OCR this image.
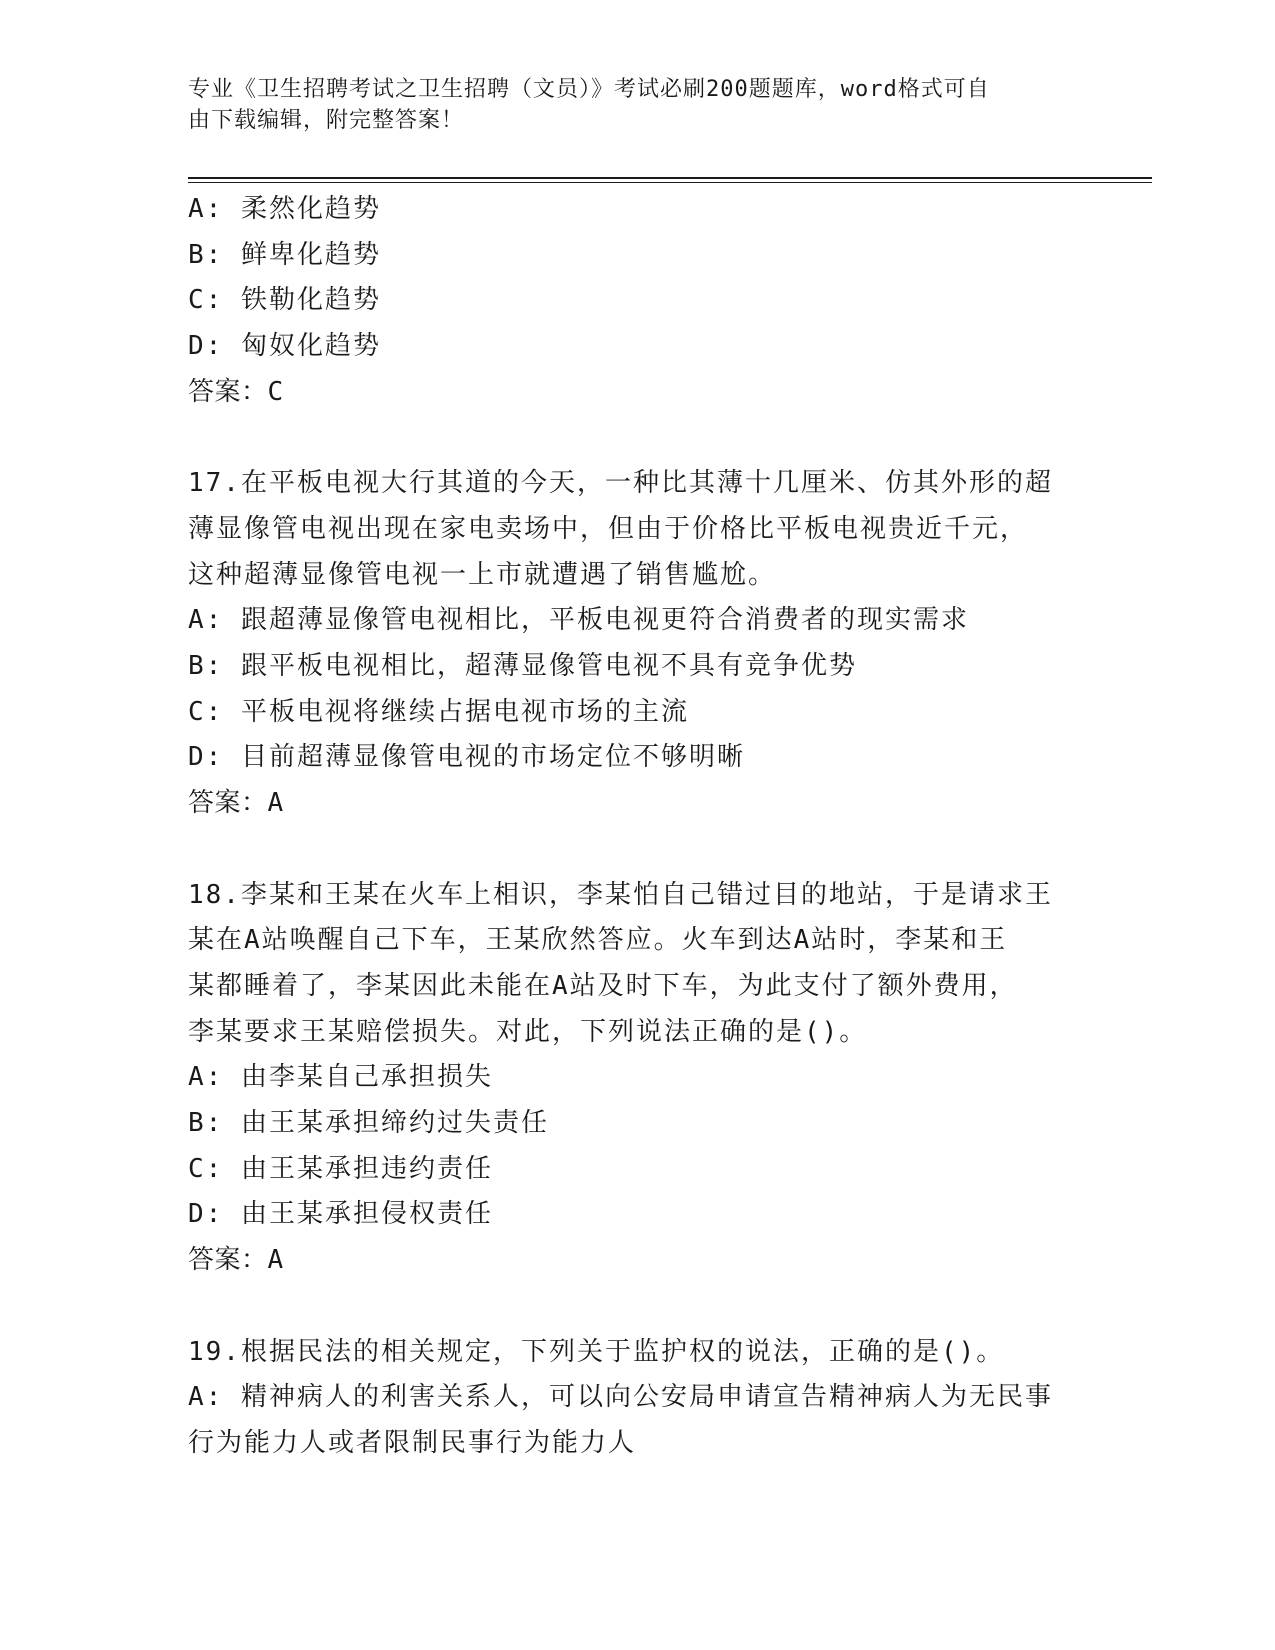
专业《卫生招聘考试之卫生招聘（文员）》考试必刷200题题库，word格式可自
由下载编辑，附完整答案！
A: 柔然化趋势
B: 鲜卑化趋势
C: 铁勒化趋势
D: 匈奴化趋势
答案：C
17.在平板电视大行其道的今天，一种比其薄十几厘米、仿其外形的超
薄显像管电视出现在家电卖场中，但由于价格比平板电视贵近千元，
这种超薄显像管电视一上市就遭遇了销售尴尬。
A: 跟超薄显像管电视相比，平板电视更符合消费者的现实需求
B: 跟平板电视相比，超薄显像管电视不具有竞争优势
C: 平板电视将继续占据电视市场的主流
D: 目前超薄显像管电视的市场定位不够明晰
答案：A
18.李某和王某在火车上相识，李某怕自己错过目的地站，于是请求王
某在A站唤醒自己下车，王某欣然答应。火车到达A站时，李某和王
某都睡着了，李某因此未能在A站及时下车，为此支付了额外费用，
李某要求王某赔偿损失。对此，下列说法正确的是()。
A: 由李某自己承担损失
B: 由王某承担缔约过失责任
C: 由王某承担违约责任
D: 由王某承担侵权责任
答案：A
19.根据民法的相关规定，下列关于监护权的说法，正确的是()。
A: 精神病人的利害关系人，可以向公安局申请宣告精神病人为无民事
行为能力人或者限制民事行为能力人
